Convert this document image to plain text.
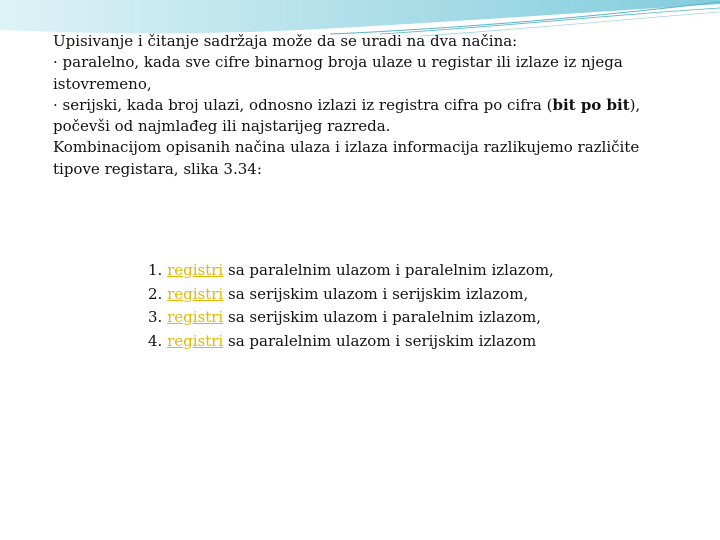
Upisivanje i čitanje sadržaja može da se uradi na dva načina:
· paralelno, kada sve cifre binarnog broja ulaze u registar ili izlaze iz njega
istovremeno,
· serijski, kada broj ulazi, odnosno izlazi iz registra cifra po cifra (bit po bit),
počevši od najmlađeg ili najstarijeg razreda.
Kombinacijom opisanih načina ulaza i izlaza informacija razlikujemo različite
tipove registara, slika 3.34:
1. registri sa paralelnim ulazom i paralelnim izlazom,
2. registri sa serijskim ulazom i serijskim izlazom,
3. registri sa serijskim ulazom i paralelnim izlazom,
4. registri sa paralelnim ulazom i serijskim izlazom
